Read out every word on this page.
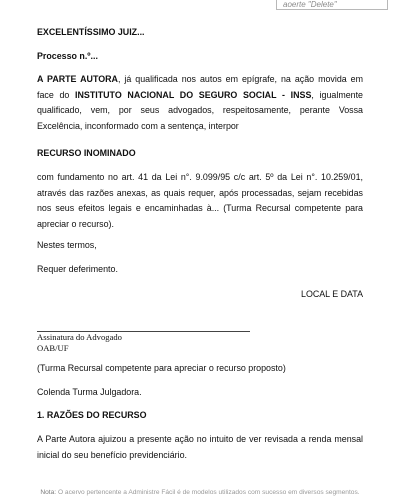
aoerte "Delete"
EXCELENTÍSSIMO JUIZ...
Processo n.º...
A PARTE AUTORA, já qualificada nos autos em epígrafe, na ação movida em face do INSTITUTO NACIONAL DO SEGURO SOCIAL - INSS, igualmente qualificado, vem, por seus advogados, respeitosamente, perante Vossa Excelência, inconformado com a sentença, interpor
RECURSO INOMINADO
com fundamento no art. 41 da Lei n°. 9.099/95 c/c art. 5º da Lei n°. 10.259/01, através das razões anexas, as quais requer, após processadas, sejam recebidas nos seus efeitos legais e encaminhadas à... (Turma Recursal competente para apreciar o recurso).
Nestes termos,
Requer deferimento.
LOCAL E DATA
Assinatura do Advogado
OAB/UF
(Turma Recursal competente para apreciar o recurso proposto)
Colenda Turma Julgadora.
1. RAZÕES DO RECURSO
A Parte Autora ajuizou a presente ação no intuito de ver revisada a renda mensal inicial do seu benefício previdenciário.
Nota: O acervo pertencente a Administre Fácil é de modelos utilizados com sucesso em diversos segmentos.
